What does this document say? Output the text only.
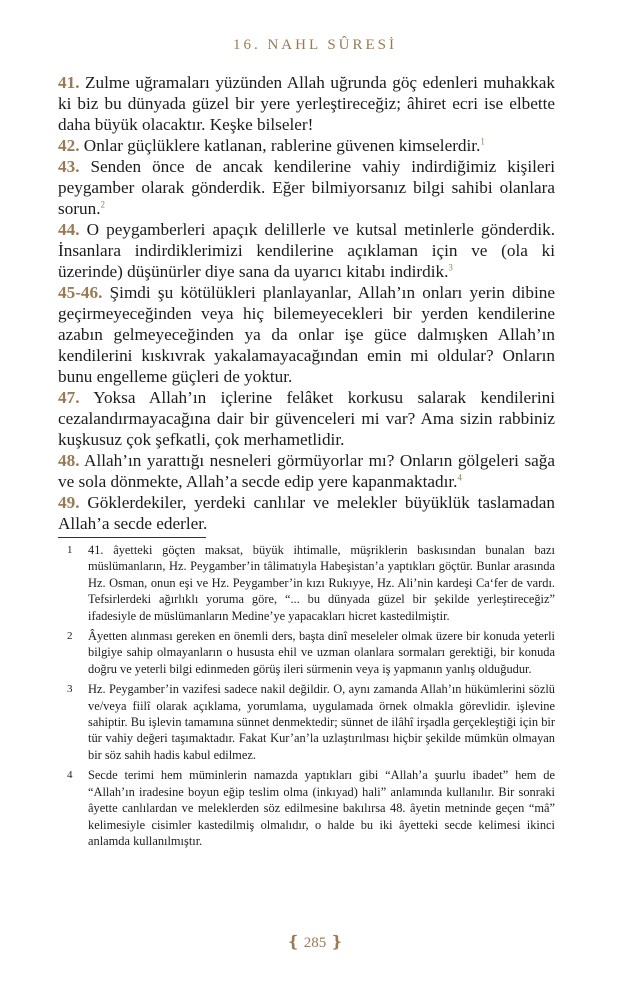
16. NAHL SÛRESİ

41. Zulme uğramaları yüzünden Allah uğrunda göç edenleri muhakkak ki biz bu dünyada güzel bir yere yerleştireceğiz; âhiret ecri ise elbette daha büyük olacaktır. Keşke bilseler!

42. Onlar güçlüklere katlanan, rablerine güvenen kimselerdir.$^1$

43. Senden önce de ancak kendilerine vahiy indirdiğimiz kişileri peygamber olarak gönderdik. Eğer bilmiyorsanız bilgi sahibi olanlara sorun.$^2$

44. O peygamberleri apaçık delillerle ve kutsal metinlerle gönderdik. İnsanlara indirdiklerimizi kendilerine açıklaman için ve (ola ki üzerinde) düşünürler diye sana da uyarıcı kitabı indirdik.$^3$

45-46. Şimdi şu kötülükleri planlayanlar, Allah’ın onları yerin dibine geçirmeyeceğinden veya hiç bilemeyecekleri bir yerden kendilerine azabın gelmeyeceğinden ya da onlar işe güce dalmışken Allah’ın kendilerini kıskıvrak yakalamayacağından emin mi oldular? Onların bunu engelleme güçleri de yoktur.

47. Yoksa Allah’ın içlerine felâket korkusu salarak kendilerini cezalandırmayacağına dair bir güvenceleri mi var? Ama sizin rabbiniz kuşkusuz çok şefkatli, çok merhametlidir.

48. Allah’ın yarattığı nesneleri görmüyorlar mı? Onların gölgeleri sağa ve sola dönmekte, Allah’a secde edip yere kapanmaktadır.$^4$

49. Göklerdekiler, yerdeki canlılar ve melekler büyüklük taslamadan Allah’a secde ederler.

1 41. âyetteki göçten maksat, büyük ihtimalle, müşriklerin baskısından bunalan bazı müslümanların, Hz. Peygamber’in tâlimatıyla Habeşistan’a yaptıkları göçtür. Bunlar arasında Hz. Osman, onun eşi ve Hz. Peygamber’in kızı Rukıyye, Hz. Ali’nin kardeşi Ca‘fer de vardı. Tefsirlerdeki ağırlıklı yoruma göre, “... bu dünyada güzel bir şekilde yerleştireceğiz” ifadesiyle de müslümanların Medine’ye yapacakları hicret kastedilmiştir.
2 Âyetten alınması gereken en önemli ders, başta dinî meseleler olmak üzere bir konuda yeterli bilgiye sahip olmayanların o hususta ehil ve uzman olanlara sormaları gerektiği, bir konuda doğru ve yeterli bilgi edinmeden görüş ileri sürmenin veya iş yapmanın yanlış olduğudur.
3 Hz. Peygamber’in vazifesi sadece nakil değildir. O, aynı zamanda Allah’ın hükümlerini sözlü ve/veya fiilî olarak açıklama, yorumlama, uygulamada örnek olmakla görevlidir. işlevine sahiptir. Bu işlevin tamamına sünnet denmektedir; sünnet de ilâhî irşadla gerçekleştiği için bir tür vahiy değeri taşımaktadır. Fakat Kur’an’la uzlaştırılması hiçbir şekilde mümkün olmayan bir söz sahih hadis kabul edilmez.
4 Secde terimi hem müminlerin namazda yaptıkları gibi “Allah’a şuurlu ibadet” hem de “Allah’ın iradesine boyun eğip teslim olma (inkıyad) hali” anlamında kullanılır. Bir sonraki âyette canlılardan ve meleklerden söz edilmesine bakılırsa 48. âyetin metninde geçen “mâ” kelimesiyle cisimler kastedilmiş olmalıdır, o halde bu iki âyetteki secde kelimesi ikinci anlamda kullanılmıştır.
❴ 285 ❵
